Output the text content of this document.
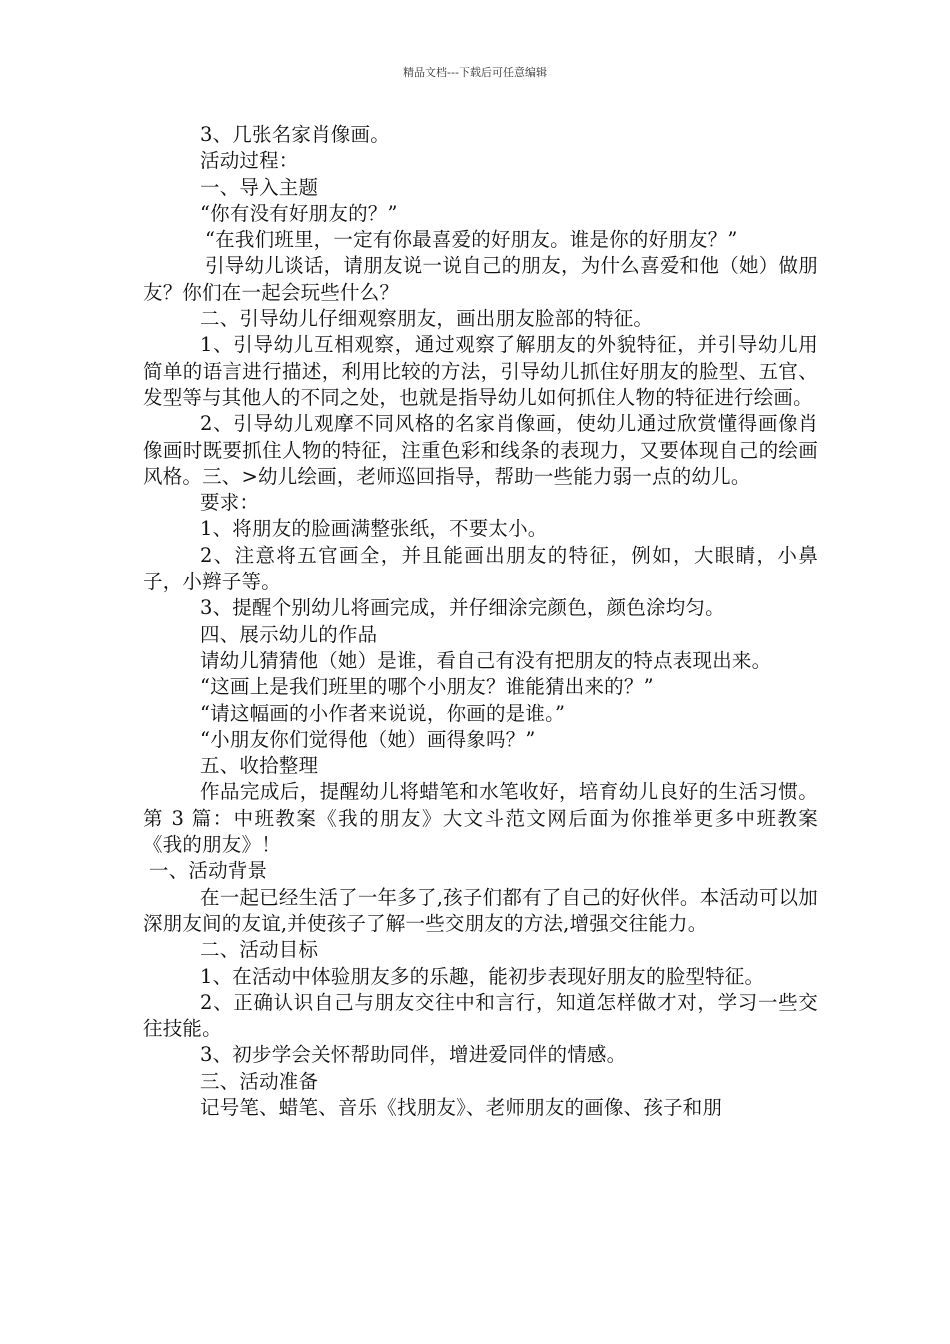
精品文档---下载后可任意编辑

3、几张名家肖像画。

活动过程：

一、导入主题

“你有没有好朋友的？”

“在我们班里，一定有你最喜爱的好朋友。谁是你的好朋友？”

引导幼儿谈话，请朋友说一说自己的朋友，为什么喜爱和他（她）做朋友？你们在一起会玩些什么？

二、引导幼儿仔细观察朋友，画出朋友脸部的特征。

1、引导幼儿互相观察，通过观察了解朋友的外貌特征，并引导幼儿用简单的语言进行描述，利用比较的方法，引导幼儿抓住好朋友的脸型、五官、发型等与其他人的不同之处，也就是指导幼儿如何抓住人物的特征进行绘画。

2、引导幼儿观摩不同风格的名家肖像画，使幼儿通过欣赏懂得画像肖像画时既要抓住人物的特征，注重色彩和线条的表现力，又要体现自己的绘画风格。三、>幼儿绘画，老师巡回指导，帮助一些能力弱一点的幼儿。

要求：

1、将朋友的脸画满整张纸，不要太小。

2、注意将五官画全，并且能画出朋友的特征，例如，大眼睛，小鼻子，小辫子等。

3、提醒个别幼儿将画完成，并仔细涂完颜色，颜色涂均匀。

四、展示幼儿的作品

请幼儿猜猜他（她）是谁，看自己有没有把朋友的特点表现出来。

“这画上是我们班里的哪个小朋友？谁能猜出来的？”

“请这幅画的小作者来说说，你画的是谁。”

“小朋友你们觉得他（她）画得象吗？”

五、收拾整理

作品完成后，提醒幼儿将蜡笔和水笔收好，培育幼儿良好的生活习惯。第 3 篇：中班教案《我的朋友》大文斗范文网后面为你推举更多中班教案《我的朋友》！

一、活动背景

在一起已经生活了一年多了,孩子们都有了自己的好伙伴。本活动可以加深朋友间的友谊,并使孩子了解一些交朋友的方法,增强交往能力。

二、活动目标

1、在活动中体验朋友多的乐趣，能初步表现好朋友的脸型特征。

2、正确认识自己与朋友交往中和言行，知道怎样做才对，学习一些交往技能。

3、初步学会关怀帮助同伴，增进爱同伴的情感。

三、活动准备

记号笔、蜡笔、音乐《找朋友》、老师朋友的画像、孩子和朋
